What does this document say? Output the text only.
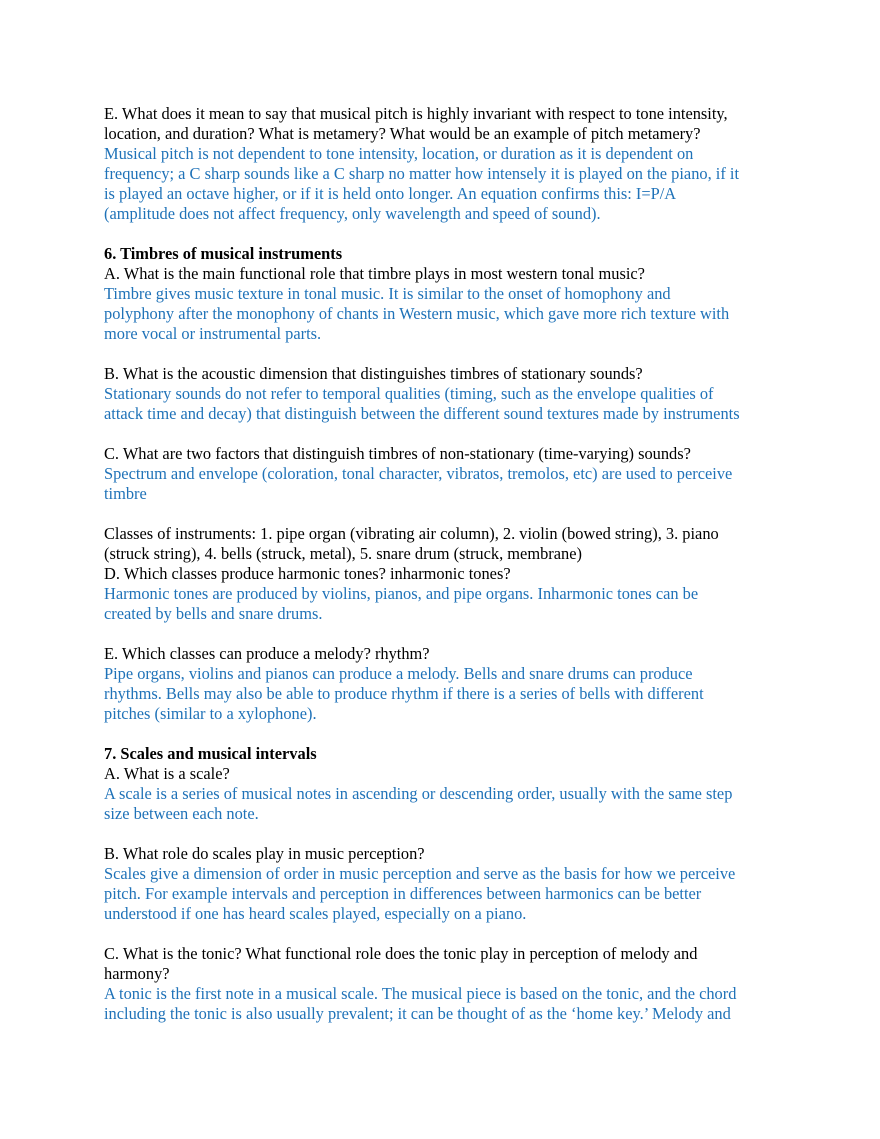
E. What does it mean to say that musical pitch is highly invariant with respect to tone intensity,
location, and duration? What is metamery? What would be an example of pitch metamery?
Musical pitch is not dependent to tone intensity, location, or duration as it is dependent on
frequency; a C sharp sounds like a C sharp no matter how intensely it is played on the piano, if it
is played an octave higher, or if it is held onto longer. An equation confirms this: I=P/A
(amplitude does not affect frequency, only wavelength and speed of sound).
6. Timbres of musical instruments
A. What is the main functional role that timbre plays in most western tonal music?
Timbre gives music texture in tonal music. It is similar to the onset of homophony and
polyphony after the monophony of chants in Western music, which gave more rich texture with
more vocal or instrumental parts.
B. What is the acoustic dimension that distinguishes timbres of stationary sounds?
Stationary sounds do not refer to temporal qualities (timing, such as the envelope qualities of
attack time and decay) that distinguish between the different sound textures made by instruments
C. What are two factors that distinguish timbres of non-stationary (time-varying) sounds?
Spectrum and envelope (coloration, tonal character, vibratos, tremolos, etc) are used to perceive
timbre
Classes of instruments: 1. pipe organ (vibrating air column), 2. violin (bowed string), 3. piano
(struck string), 4. bells (struck, metal), 5. snare drum (struck, membrane)
D. Which classes produce harmonic tones? inharmonic tones?
Harmonic tones are produced by violins, pianos, and pipe organs. Inharmonic tones can be
created by bells and snare drums.
E. Which classes can produce a melody? rhythm?
Pipe organs, violins and pianos can produce a melody. Bells and snare drums can produce
rhythms. Bells may also be able to produce rhythm if there is a series of bells with different
pitches (similar to a xylophone).
7. Scales and musical intervals
A. What is a scale?
A scale is a series of musical notes in ascending or descending order, usually with the same step
size between each note.
B. What role do scales play in music perception?
Scales give a dimension of order in music perception and serve as the basis for how we perceive
pitch. For example intervals and perception in differences between harmonics can be better
understood if one has heard scales played, especially on a piano.
C. What is the tonic? What functional role does the tonic play in perception of melody and
harmony?
A tonic is the first note in a musical scale. The musical piece is based on the tonic, and the chord
including the tonic is also usually prevalent; it can be thought of as the ‘home key.’ Melody and
